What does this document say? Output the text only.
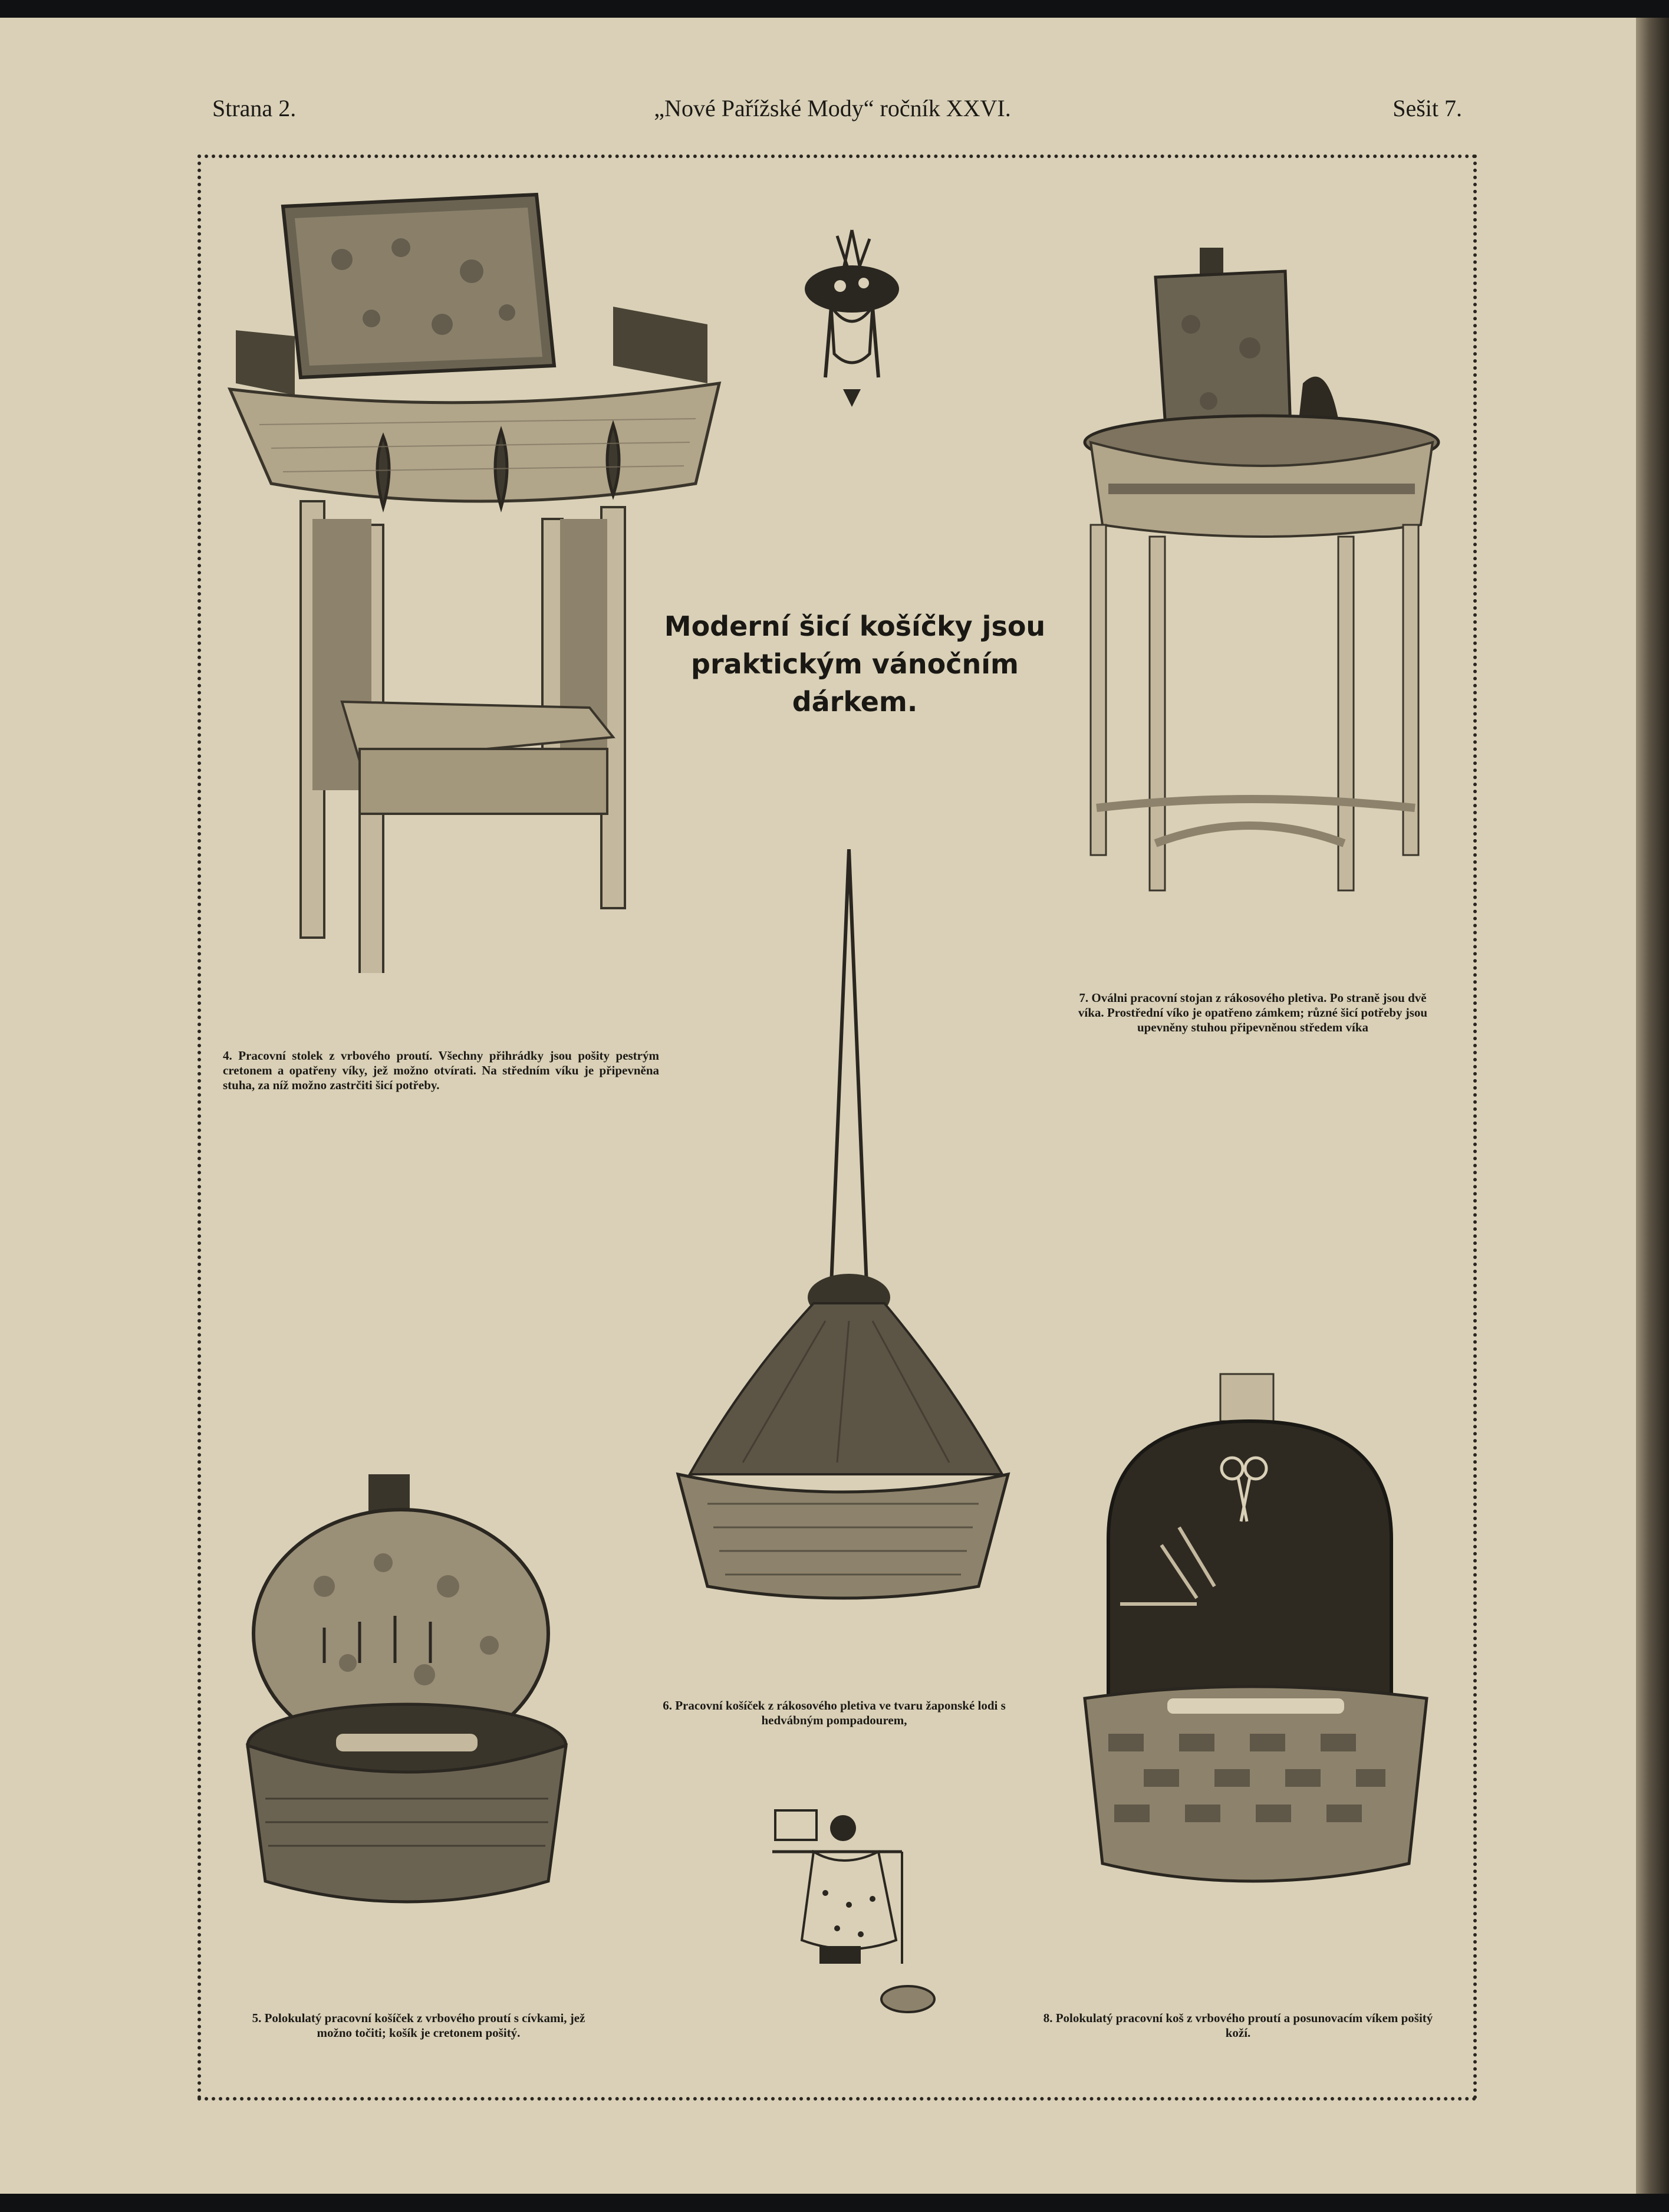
Strana 2.	„Nové Pařížské Mody“ ročník XXVI.	Sešit 7.
Moderní šicí košíčky jsou
praktickým vánočním
dárkem.
4. Pracovní stolek z vrbového proutí. Všechny přihrádky jsou pošity pestrým cretonem a opatřeny víky, jež možno otvírati. Na středním víku je připevněna stuha, za níž možno zastrčiti šicí potřeby.
7. Oválni pracovní stojan z rákosového pletiva. Po straně jsou dvě víka. Prostřední víko je opatřeno zámkem; různé šicí potřeby jsou upevněny stuhou připevněnou středem víka
6. Pracovní košíček z rákosového pletiva ve tvaru žaponské lodi s hedvábným pompadourem,
5. Polokulatý pracovní košíček z vrbového proutí s cívkami, jež možno točiti; košík je cretonem pošitý.
8. Polokulatý pracovní koš z vrbového proutí a posunovacím víkem pošitý koží.
